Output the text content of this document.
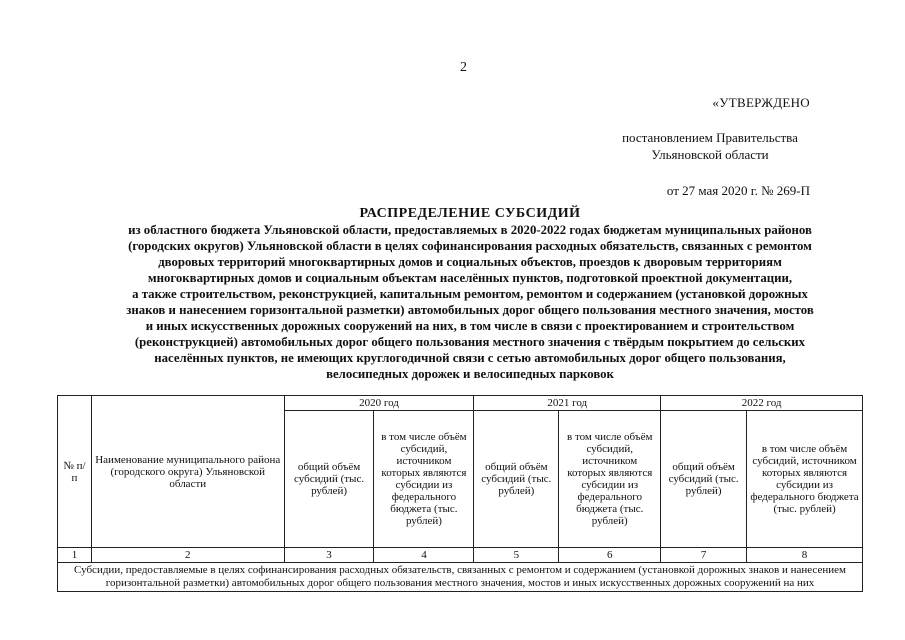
2
«УТВЕРЖДЕНО
постановлением Правительства
Ульяновской области
от 27 мая 2020 г. № 269-П
РАСПРЕДЕЛЕНИЕ СУБСИДИЙ
из областного бюджета Ульяновской области, предоставляемых в 2020-2022 годах бюджетам муниципальных районов
(городских округов) Ульяновской области в целях софинансирования расходных обязательств, связанных с ремонтом
дворовых территорий многоквартирных домов и социальных объектов, проездов к дворовым территориям
многоквартирных домов и социальным объектам населённых пунктов, подготовкой проектной документации,
а также строительством, реконструкцией, капитальным ремонтом, ремонтом и содержанием (установкой дорожных
знаков и нанесением горизонтальной разметки) автомобильных дорог общего пользования местного значения, мостов
и иных искусственных дорожных сооружений на них, в том числе в связи с проектированием и строительством
(реконструкцией) автомобильных дорог общего пользования местного значения с твёрдым покрытием до сельских
населённых пунктов, не имеющих круглогодичной связи с сетью автомобильных дорог общего пользования,
велосипедных дорожек и велосипедных парковок
№ п/п	Наименование муниципального района (городского округа) Ульяновской области	2020 год		2021 год		2022 год	
		общий объём субсидий (тыс. рублей)	в том числе объём субсидий, источником которых являются субсидии из федерального бюджета (тыс. рублей)	общий объём субсидий (тыс. рублей)	в том числе объём субсидий, источником которых являются субсидии из федерального бюджета (тыс. рублей)	общий объём субсидий (тыс. рублей)	в том числе объём субсидий, источником которых являются субсидии из федерального бюджета (тыс. рублей)
1	2	3	4	5	6	7	8
Субсидии, предоставляемые в целях софинансирования расходных обязательств, связанных с ремонтом и содержанием (установкой дорожных знаков и нанесением горизонтальной разметки) автомобильных дорог общего пользования местного значения, мостов и иных искусственных дорожных сооружений на них							
